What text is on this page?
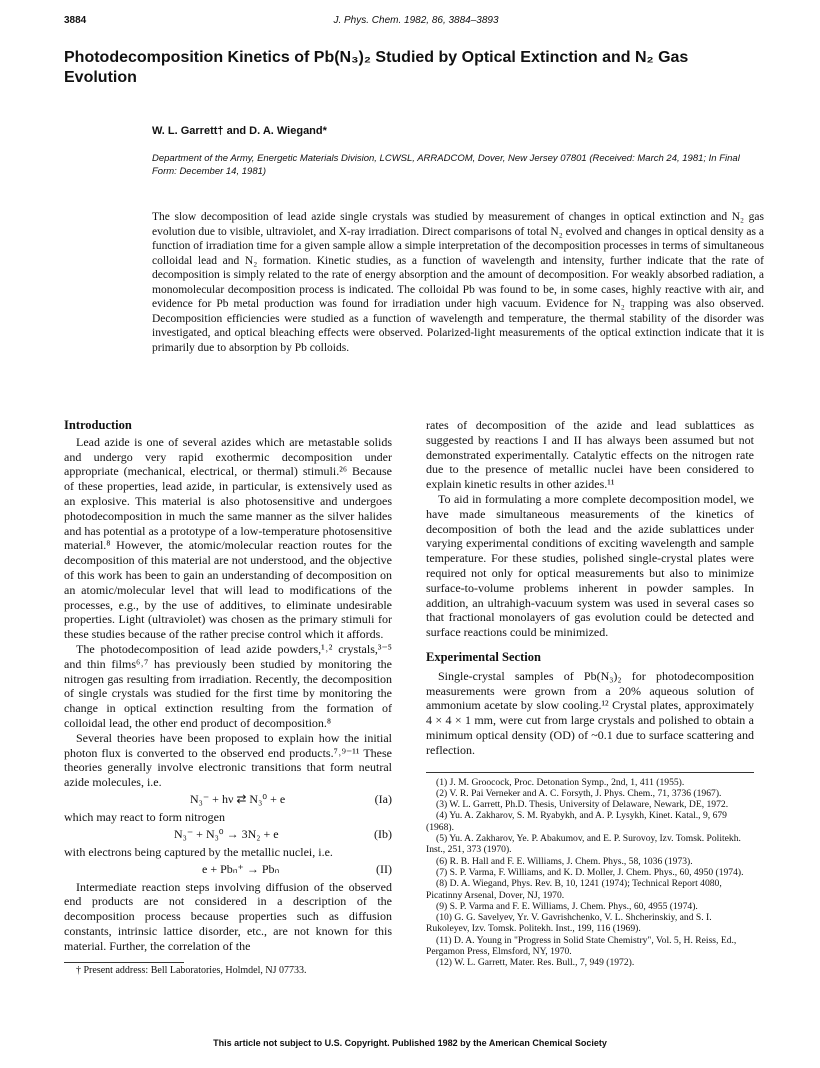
3884	J. Phys. Chem. 1982, 86, 3884–3893
Photodecomposition Kinetics of Pb(N₃)₂ Studied by Optical Extinction and N₂ Gas Evolution
W. L. Garrett† and D. A. Wiegand*
Department of the Army, Energetic Materials Division, LCWSL, ARRADCOM, Dover, New Jersey 07801 (Received: March 24, 1981; In Final Form: December 14, 1981)
The slow decomposition of lead azide single crystals was studied by measurement of changes in optical extinction and N₂ gas evolution due to visible, ultraviolet, and X-ray irradiation. Direct comparisons of total N₂ evolved and changes in optical density as a function of irradiation time for a given sample allow a simple interpretation of the decomposition processes in terms of simultaneous colloidal lead and N₂ formation. Kinetic studies, as a function of wavelength and intensity, further indicate that the rate of decomposition is simply related to the rate of energy absorption and the amount of decomposition. For weakly absorbed radiation, a monomolecular decomposition process is indicated. The colloidal Pb was found to be, in some cases, highly reactive with air, and evidence for Pb metal production was found for irradiation under high vacuum. Evidence for N₂ trapping was also observed. Decomposition efficiencies were studied as a function of wavelength and temperature, the thermal stability of the disorder was investigated, and optical bleaching effects were observed. Polarized-light measurements of the optical extinction indicate that it is primarily due to absorption by Pb colloids.
Introduction

Lead azide is one of several azides which are metastable solids and undergo very rapid exothermic decomposition under appropriate (mechanical, electrical, or thermal) stimuli.²⁶ Because of these properties, lead azide, in particular, is extensively used as an explosive. This material is also photosensitive and undergoes photodecomposition in much the same manner as the silver halides and has potential as a prototype of a low-temperature photosensitive material.⁸ However, the atomic/molecular reaction routes for the decomposition of this material are not understood, and the objective of this work has been to gain an understanding of decomposition on an atomic/molecular level that will lead to modifications of the processes, e.g., by the use of additives, to eliminate undesirable properties. Light (ultraviolet) was chosen as the primary stimuli for these studies because of the rather precise control which it affords.

The photodecomposition of lead azide powders,¹˒² crystals,³⁻⁵ and thin films⁶˒⁷ has previously been studied by monitoring the nitrogen gas resulting from irradiation. Recently, the decomposition of single crystals was studied for the first time by monitoring the change in optical extinction resulting from the formation of colloidal lead, the other end product of decomposition.⁸

Several theories have been proposed to explain how the initial photon flux is converted to the observed end products.⁷˒⁹⁻¹¹ These theories generally involve electronic transitions that form neutral azide molecules, i.e.

N₃⁻ + hν ⇄ N₃⁰ + e	(Ia)

which may react to form nitrogen

N₃⁻ + N₃⁰ → 3N₂ + e	(Ib)

with electrons being captured by the metallic nuclei, i.e.

e + Pbₙ⁺ → Pbₙ	(II)

Intermediate reaction steps involving diffusion of the observed end products are not considered in a description of the decomposition process because properties such as diffusion constants, intrinsic lattice disorder, etc., are not known for this material. Further, the correlation of the

† Present address: Bell Laboratories, Holmdel, NJ 07733.

rates of decomposition of the azide and lead sublattices as suggested by reactions I and II has always been assumed but not demonstrated experimentally. Catalytic effects on the nitrogen rate due to the presence of metallic nuclei have been considered to explain kinetic results in other azides.¹¹

To aid in formulating a more complete decomposition model, we have made simultaneous measurements of the kinetics of decomposition of both the lead and the azide sublattices under varying experimental conditions of exciting wavelength and sample temperature. For these studies, polished single-crystal plates were required not only for optical measurements but also to minimize surface-to-volume problems inherent in powder samples. In addition, an ultrahigh-vacuum system was used in several cases so that fractional monolayers of gas evolution could be detected and surface reactions could be minimized.

Experimental Section

Single-crystal samples of Pb(N₃)₂ for photodecomposition measurements were grown from a 20% aqueous solution of ammonium acetate by slow cooling.¹² Crystal plates, approximately 4 × 4 × 1 mm, were cut from large crystals and polished to obtain a minimum optical density (OD) of ~0.1 due to surface scattering and reflection.

(1) J. M. Groocock, Proc. Detonation Symp., 2nd, 1, 411 (1955).
(2) V. R. Pai Verneker and A. C. Forsyth, J. Phys. Chem., 71, 3736 (1967).
(3) W. L. Garrett, Ph.D. Thesis, University of Delaware, Newark, DE, 1972.
(4) Yu. A. Zakharov, S. M. Ryabykh, and A. P. Lysykh, Kinet. Katal., 9, 679 (1968).
(5) Yu. A. Zakharov, Ye. P. Abakumov, and E. P. Surovoy, Izv. Tomsk. Politekh. Inst., 251, 373 (1970).
(6) R. B. Hall and F. E. Williams, J. Chem. Phys., 58, 1036 (1973).
(7) S. P. Varma, F. Williams, and K. D. Moller, J. Chem. Phys., 60, 4950 (1974).
(8) D. A. Wiegand, Phys. Rev. B, 10, 1241 (1974); Technical Report 4080, Picatinny Arsenal, Dover, NJ, 1970.
(9) S. P. Varma and F. E. Williams, J. Chem. Phys., 60, 4955 (1974).
(10) G. G. Savelyev, Yr. V. Gavrishchenko, V. L. Shcherinskiy, and S. I. Rukoleyev, Izv. Tomsk. Politekh. Inst., 199, 116 (1969).
(11) D. A. Young in "Progress in Solid State Chemistry", Vol. 5, H. Reiss, Ed., Pergamon Press, Elmsford, NY, 1970.
(12) W. L. Garrett, Mater. Res. Bull., 7, 949 (1972).
This article not subject to U.S. Copyright. Published 1982 by the American Chemical Society
